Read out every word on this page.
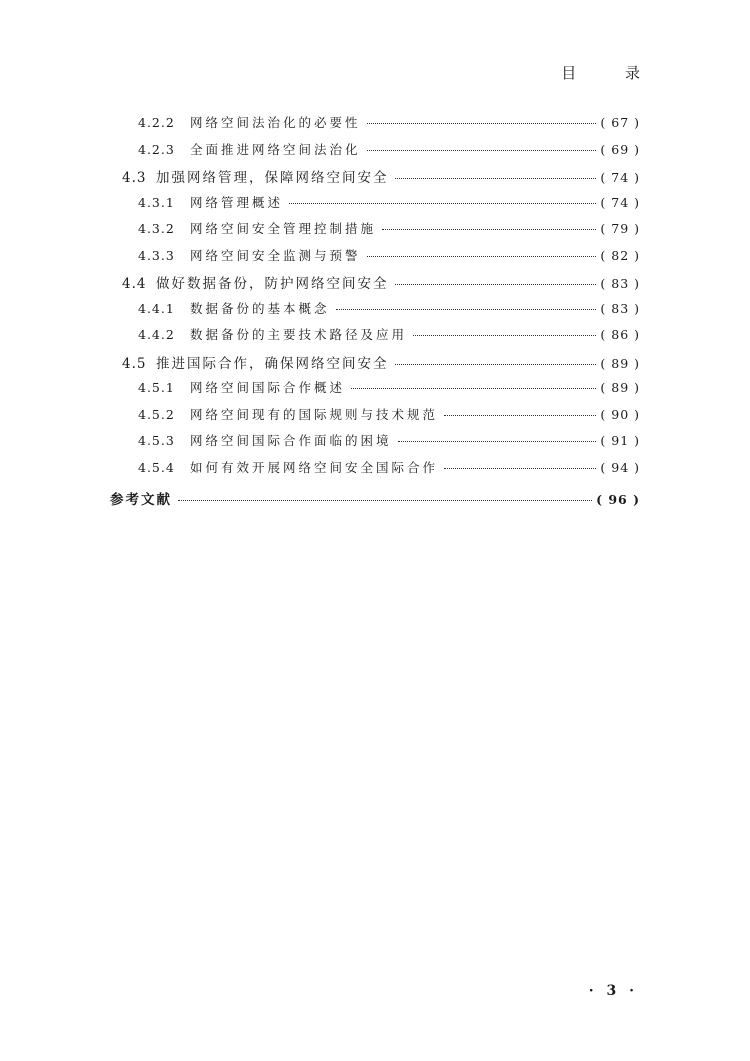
目 录
4.2.2	网络空间法治化的必要性	( 67 )
4.2.3	全面推进网络空间法治化	( 69 )
4.3 加强网络管理，保障网络空间安全	( 74 )
4.3.1	网络管理概述	( 74 )
4.3.2	网络空间安全管理控制措施	( 79 )
4.3.3	网络空间安全监测与预警	( 82 )
4.4 做好数据备份，防护网络空间安全	( 83 )
4.4.1	数据备份的基本概念	( 83 )
4.4.2	数据备份的主要技术路径及应用	( 86 )
4.5 推进国际合作，确保网络空间安全	( 89 )
4.5.1	网络空间国际合作概述	( 89 )
4.5.2	网络空间现有的国际规则与技术规范	( 90 )
4.5.3	网络空间国际合作面临的困境	( 91 )
4.5.4	如何有效开展网络空间安全国际合作	( 94 )
参考文献	( 96 )
· 3 ·
